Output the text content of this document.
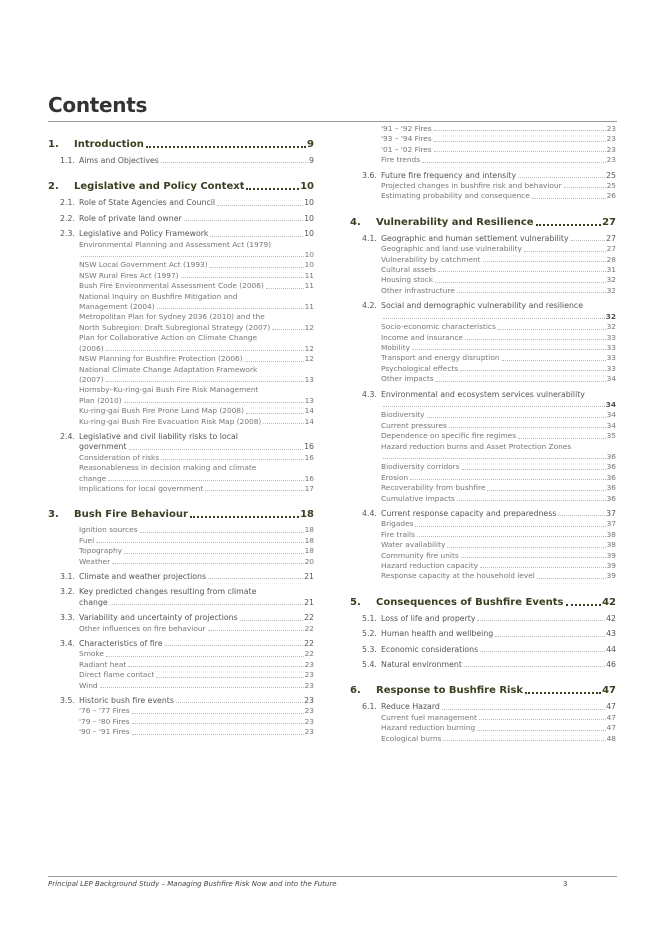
Contents
1.	Introduction	9
1.1. Aims and Objectives	9
2.	Legislative and Policy Context	10
2.1. Role of State Agencies and Council	10
2.2. Role of private land owner	10
2.3. Legislative and Policy Framework	10
Environmental Planning and Assessment Act (1979)
10
NSW Local Government Act (1993)	10
NSW Rural Fires Act (1997)	11
Bush Fire Environmental Assessment Code (2006)	11
National Inquiry on Bushfire Mitigation and
Management (2004)	11
Metropolitan Plan for Sydney 2036 (2010) and the
North Subregion: Draft Subregional Strategy (2007)	12
Plan for Collaborative Action on Climate Change
(2006)	12
NSW Planning for Bushfire Protection (2006)	12
National Climate Change Adaptation Framework
(2007)	13
Hornsby–Ku-ring-gai Bush Fire Risk Management
Plan (2010)	13
Ku-ring-gai Bush Fire Prone Land Map (2008)	14
Ku-ring-gai Bush Fire Evacuation Risk Map (2008)	14
2.4. Legislative and civil liability risks to local
government	16
Consideration of risks	16
Reasonableness in decision making and climate
change	16
Implications for local government	17
3.	Bush Fire Behaviour	18
Ignition sources	18
Fuel	18
Topography	18
Weather	20
3.1. Climate and weather projections	21
3.2. Key predicted changes resulting from climate
change	21
3.3. Variability and uncertainty of projections	22
Other influences on fire behaviour	22
3.4. Characteristics of fire	22
Smoke	22
Radiant heat	23
Direct flame contact	23
Wind	23
3.5. Historic bush fire events	23
'76 – '77 Fires	23
'79 – '80 Fires	23
'90 – '91 Fires	23
'91 – '92 Fires	23
'93 – '94 Fires	23
'01 – '02 Fires	23
Fire trends	23
3.6. Future fire frequency and intensity	25
Projected changes in bushfire risk and behaviour	25
Estimating probability and consequence	26
4.	Vulnerability and Resilience	27
4.1. Geographic and human settlement vulnerability	27
Geographic and land use vulnerability	27
Vulnerability by catchment	28
Cultural assets	31
Housing stock	32
Other infrastructure	32
4.2. Social and demographic vulnerability and resilience
32
Socio-economic characteristics	32
Income and insurance	33
Mobility	33
Transport and energy disruption	33
Psychological effects	33
Other impacts	34
4.3. Environmental and ecosystem services vulnerability
34
Biodiversity	34
Current pressures	34
Dependence on specific fire regimes	35
Hazard reduction burns and Asset Protection Zones
36
Biodiversity corridors	36
Erosion	36
Recoverability from bushfire	36
Cumulative impacts	36
4.4. Current response capacity and preparedness	37
Brigades	37
Fire trails	38
Water availability	38
Community fire units	39
Hazard reduction capacity	39
Response capacity at the household level	39
5.	Consequences of Bushfire Events	42
5.1. Loss of life and property	42
5.2. Human health and wellbeing	43
5.3. Economic considerations	44
5.4. Natural environment	46
6.	Response to Bushfire Risk	47
6.1. Reduce Hazard	47
Current fuel management	47
Hazard reduction burning	47
Ecological burns	48
Principal LEP Background Study – Managing Bushfire Risk Now and into the Future	3
